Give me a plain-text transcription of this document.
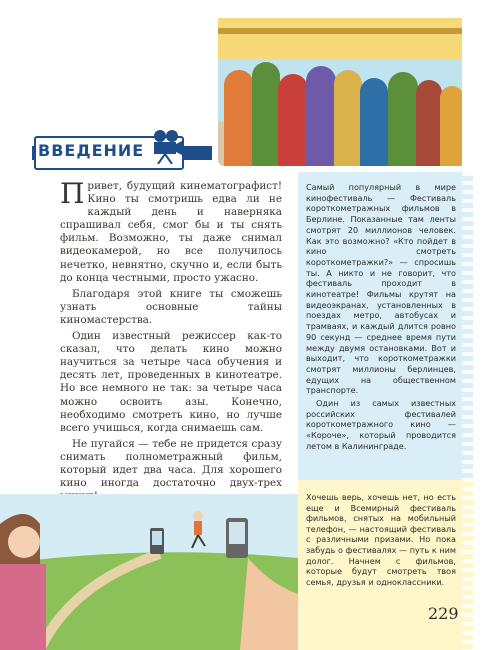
ВВЕДЕНИЕ

Привет, будущий кинематографист! Кино ты смотришь едва ли не каждый день и наверняка спрашивал себя, смог бы и ты снять фильм. Возможно, ты даже снимал видеокамерой, но все получилось нечетко, невнятно, скучно и, если быть до конца честными, просто ужасно.

Благодаря этой книге ты сможешь узнать основные тайны киномастерства.

Один известный режиссер как-то сказал, что делать кино можно научиться за четыре часа обучения и десять лет, проведенных в кинотеатре. Но все немного не так: за четыре часа можно освоить азы. Конечно, необходимо смотреть кино, но лучше всего учишься, когда снимаешь сам.

Не пугайся — тебе не придется сразу снимать полнометражный фильм, который идет два часа. Для хорошего кино иногда достаточно двух-трех

Самый популярный в мире кинофестиваль — Фестиваль короткометражных фильмов в Берлине. Показанные там ленты смотрят 20 миллионов человек. Как это возможно? «Кто пойдет в кино смотреть короткометражки?» — спросишь ты. А никто и не говорит, что фестиваль проходит в кинотеатре! Фильмы крутят на видеоэкранах, установленных в поездах метро, автобусах и трамваях, и каждый длится ровно 90 секунд — среднее время пути между двумя остановками. Вот и выходит, что короткометражки смотрят миллионы берлинцев, едущих на общественном транспорте.

Один из самых известных российских фестивалей короткометражного кино — «Короче», который проводится летом в Калининграде.

Хочешь верь, хочешь нет, но есть еще и Всемирный фестиваль фильмов, снятых на мобильный телефон, — настоящий фестиваль с различными призами. Но пока забудь о фестивалях — путь к ним долог. Начнем с фильмов, которые будут смотреть твоя семья, друзья и одноклассники.
229
